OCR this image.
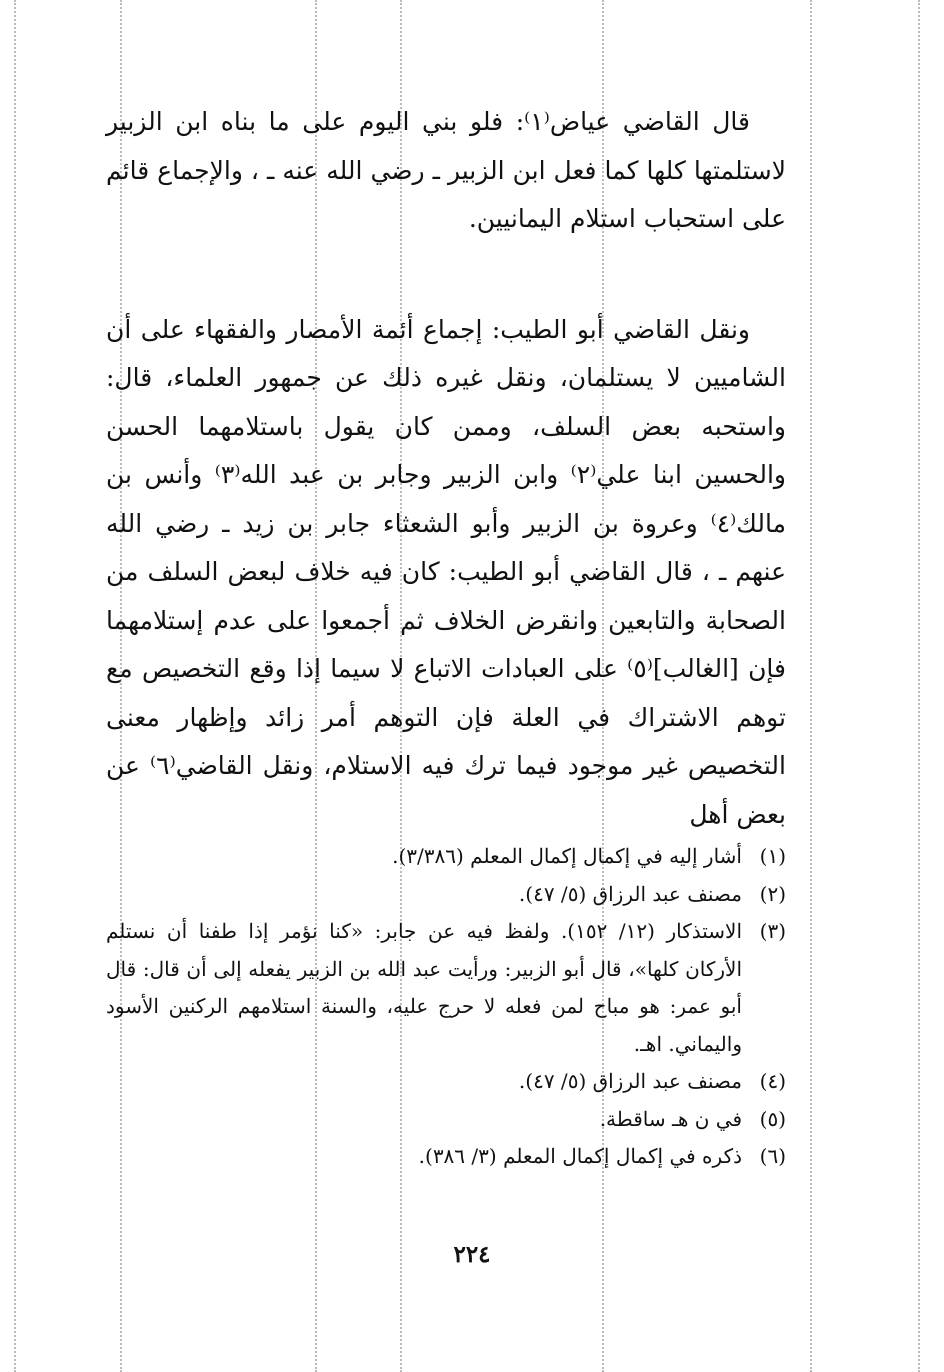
قال القاضي عياض⁽١⁾: فلو بني اليوم على ما بناه ابن الزبير لاستلمتها كلها كما فعل ابن الزبير ـ رضي الله عنه ـ ، والإجماع قائم على استحباب استلام اليمانيين.

ونقل القاضي أبو الطيب: إجماع أئمة الأمصار والفقهاء على أن الشاميين لا يستلمان، ونقل غيره ذلك عن جمهور العلماء، قال: واستحبه بعض السلف، وممن كان يقول باستلامهما الحسن والحسين ابنا علي⁽٢⁾ وابن الزبير وجابر بن عبد الله⁽٣⁾ وأنس بن مالك⁽٤⁾ وعروة بن الزبير وأبو الشعثاء جابر بن زيد ـ رضي الله عنهم ـ ، قال القاضي أبو الطيب: كان فيه خلاف لبعض السلف من الصحابة والتابعين وانقرض الخلاف ثم أجمعوا على عدم إستلامهما فإن [الغالب]⁽٥⁾ على العبادات الاتباع لا سيما إذا وقع التخصيص مع توهم الاشتراك في العلة فإن التوهم أمر زائد وإظهار معنى التخصيص غير موجود فيما ترك فيه الاستلام، ونقل القاضي⁽٦⁾ عن بعض أهل

(١)
أشار إليه في إكمال إكمال المعلم (٣/٣٨٦).
(٢)
مصنف عبد الرزاق (٥/ ٤٧).
(٣)
الاستذكار (١٢/ ١٥٢). ولفظ فيه عن جابر: «كنا نؤمر إذا طفنا أن نستلم الأركان كلها»، قال أبو الزبير: ورأيت عبد الله بن الزبير يفعله إلى أن قال: قال أبو عمر: هو مباح لمن فعله لا حرج عليه، والسنة استلامهم الركنين الأسود واليماني. اهـ.
(٤)
مصنف عبد الرزاق (٥/ ٤٧).
(٥)
في ن هـ ساقطة.
(٦)
ذكره في إكمال إكمال المعلم (٣/ ٣٨٦).
٢٢٤
